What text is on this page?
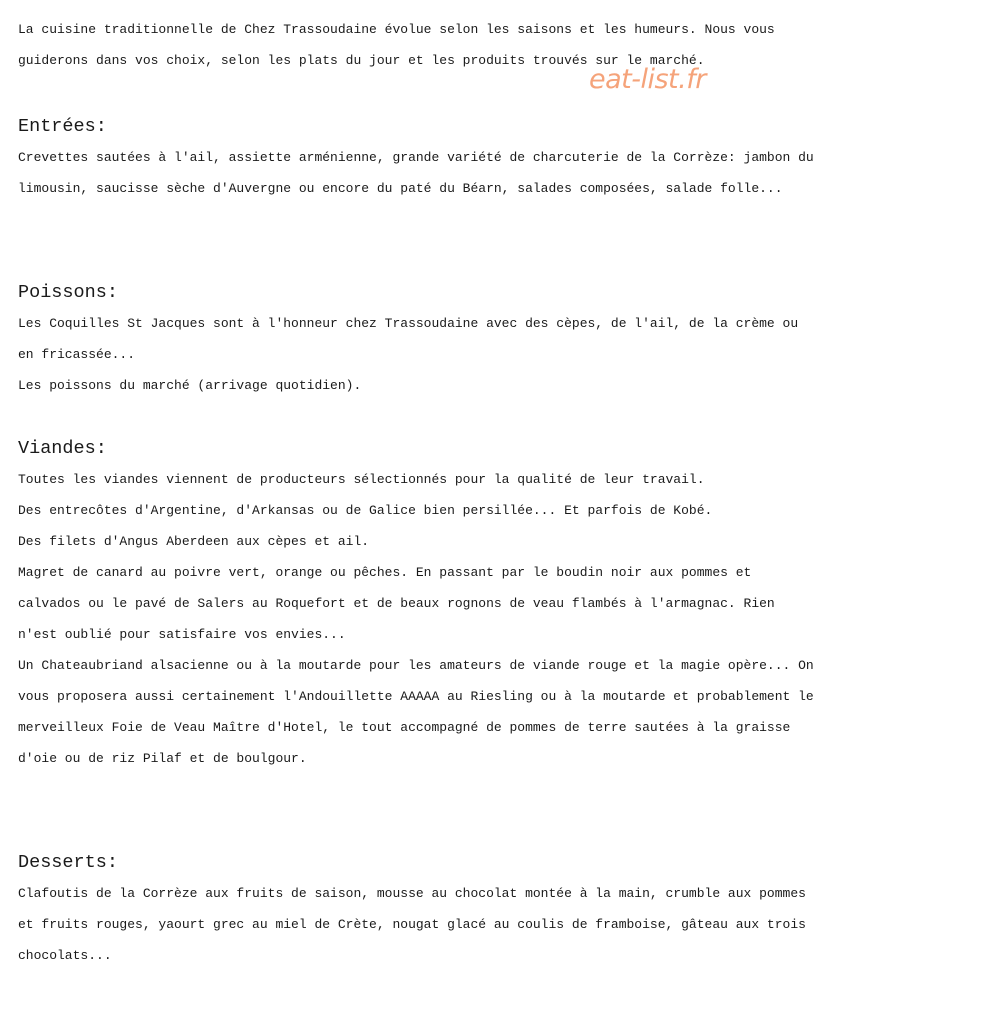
La cuisine traditionnelle de Chez Trassoudaine évolue selon les saisons et les humeurs. Nous vous
guiderons dans vos choix, selon les plats du jour et les produits trouvés sur le marché.
Entrées:
Crevettes sautées à l'ail, assiette arménienne, grande variété de charcuterie de la Corrèze: jambon du
limousin, saucisse sèche d'Auvergne ou encore du paté du Béarn, salades composées, salade folle...
Poissons:
Les Coquilles St Jacques sont à l'honneur chez Trassoudaine avec des cèpes, de l'ail, de la crème ou
en fricassée...
Les poissons du marché (arrivage quotidien).
Viandes:
Toutes les viandes viennent de producteurs sélectionnés pour la qualité de leur travail.
Des entrecôtes d'Argentine, d'Arkansas ou de Galice bien persillée... Et parfois de Kobé.
Des filets d'Angus Aberdeen aux cèpes et ail.
Magret de canard au poivre vert, orange ou pêches. En passant par le boudin noir aux pommes et
calvados ou le pavé de Salers au Roquefort et de beaux rognons de veau flambés à l'armagnac. Rien
n'est oublié pour satisfaire vos envies...
Un Chateaubriand alsacienne ou à la moutarde pour les amateurs de viande rouge et la magie opère... On
vous proposera aussi certainement l'Andouillette AAAAA au Riesling ou à la moutarde et probablement le
merveilleux Foie de Veau Maître d'Hotel, le tout accompagné de pommes de terre sautées à la graisse
d'oie ou de riz Pilaf et de boulgour.
Desserts:
Clafoutis de la Corrèze aux fruits de saison, mousse au chocolat montée à la main, crumble aux pommes
et fruits rouges, yaourt grec au miel de Crète, nougat glacé au coulis de framboise, gâteau aux trois
chocolats...
eat-list.fr
